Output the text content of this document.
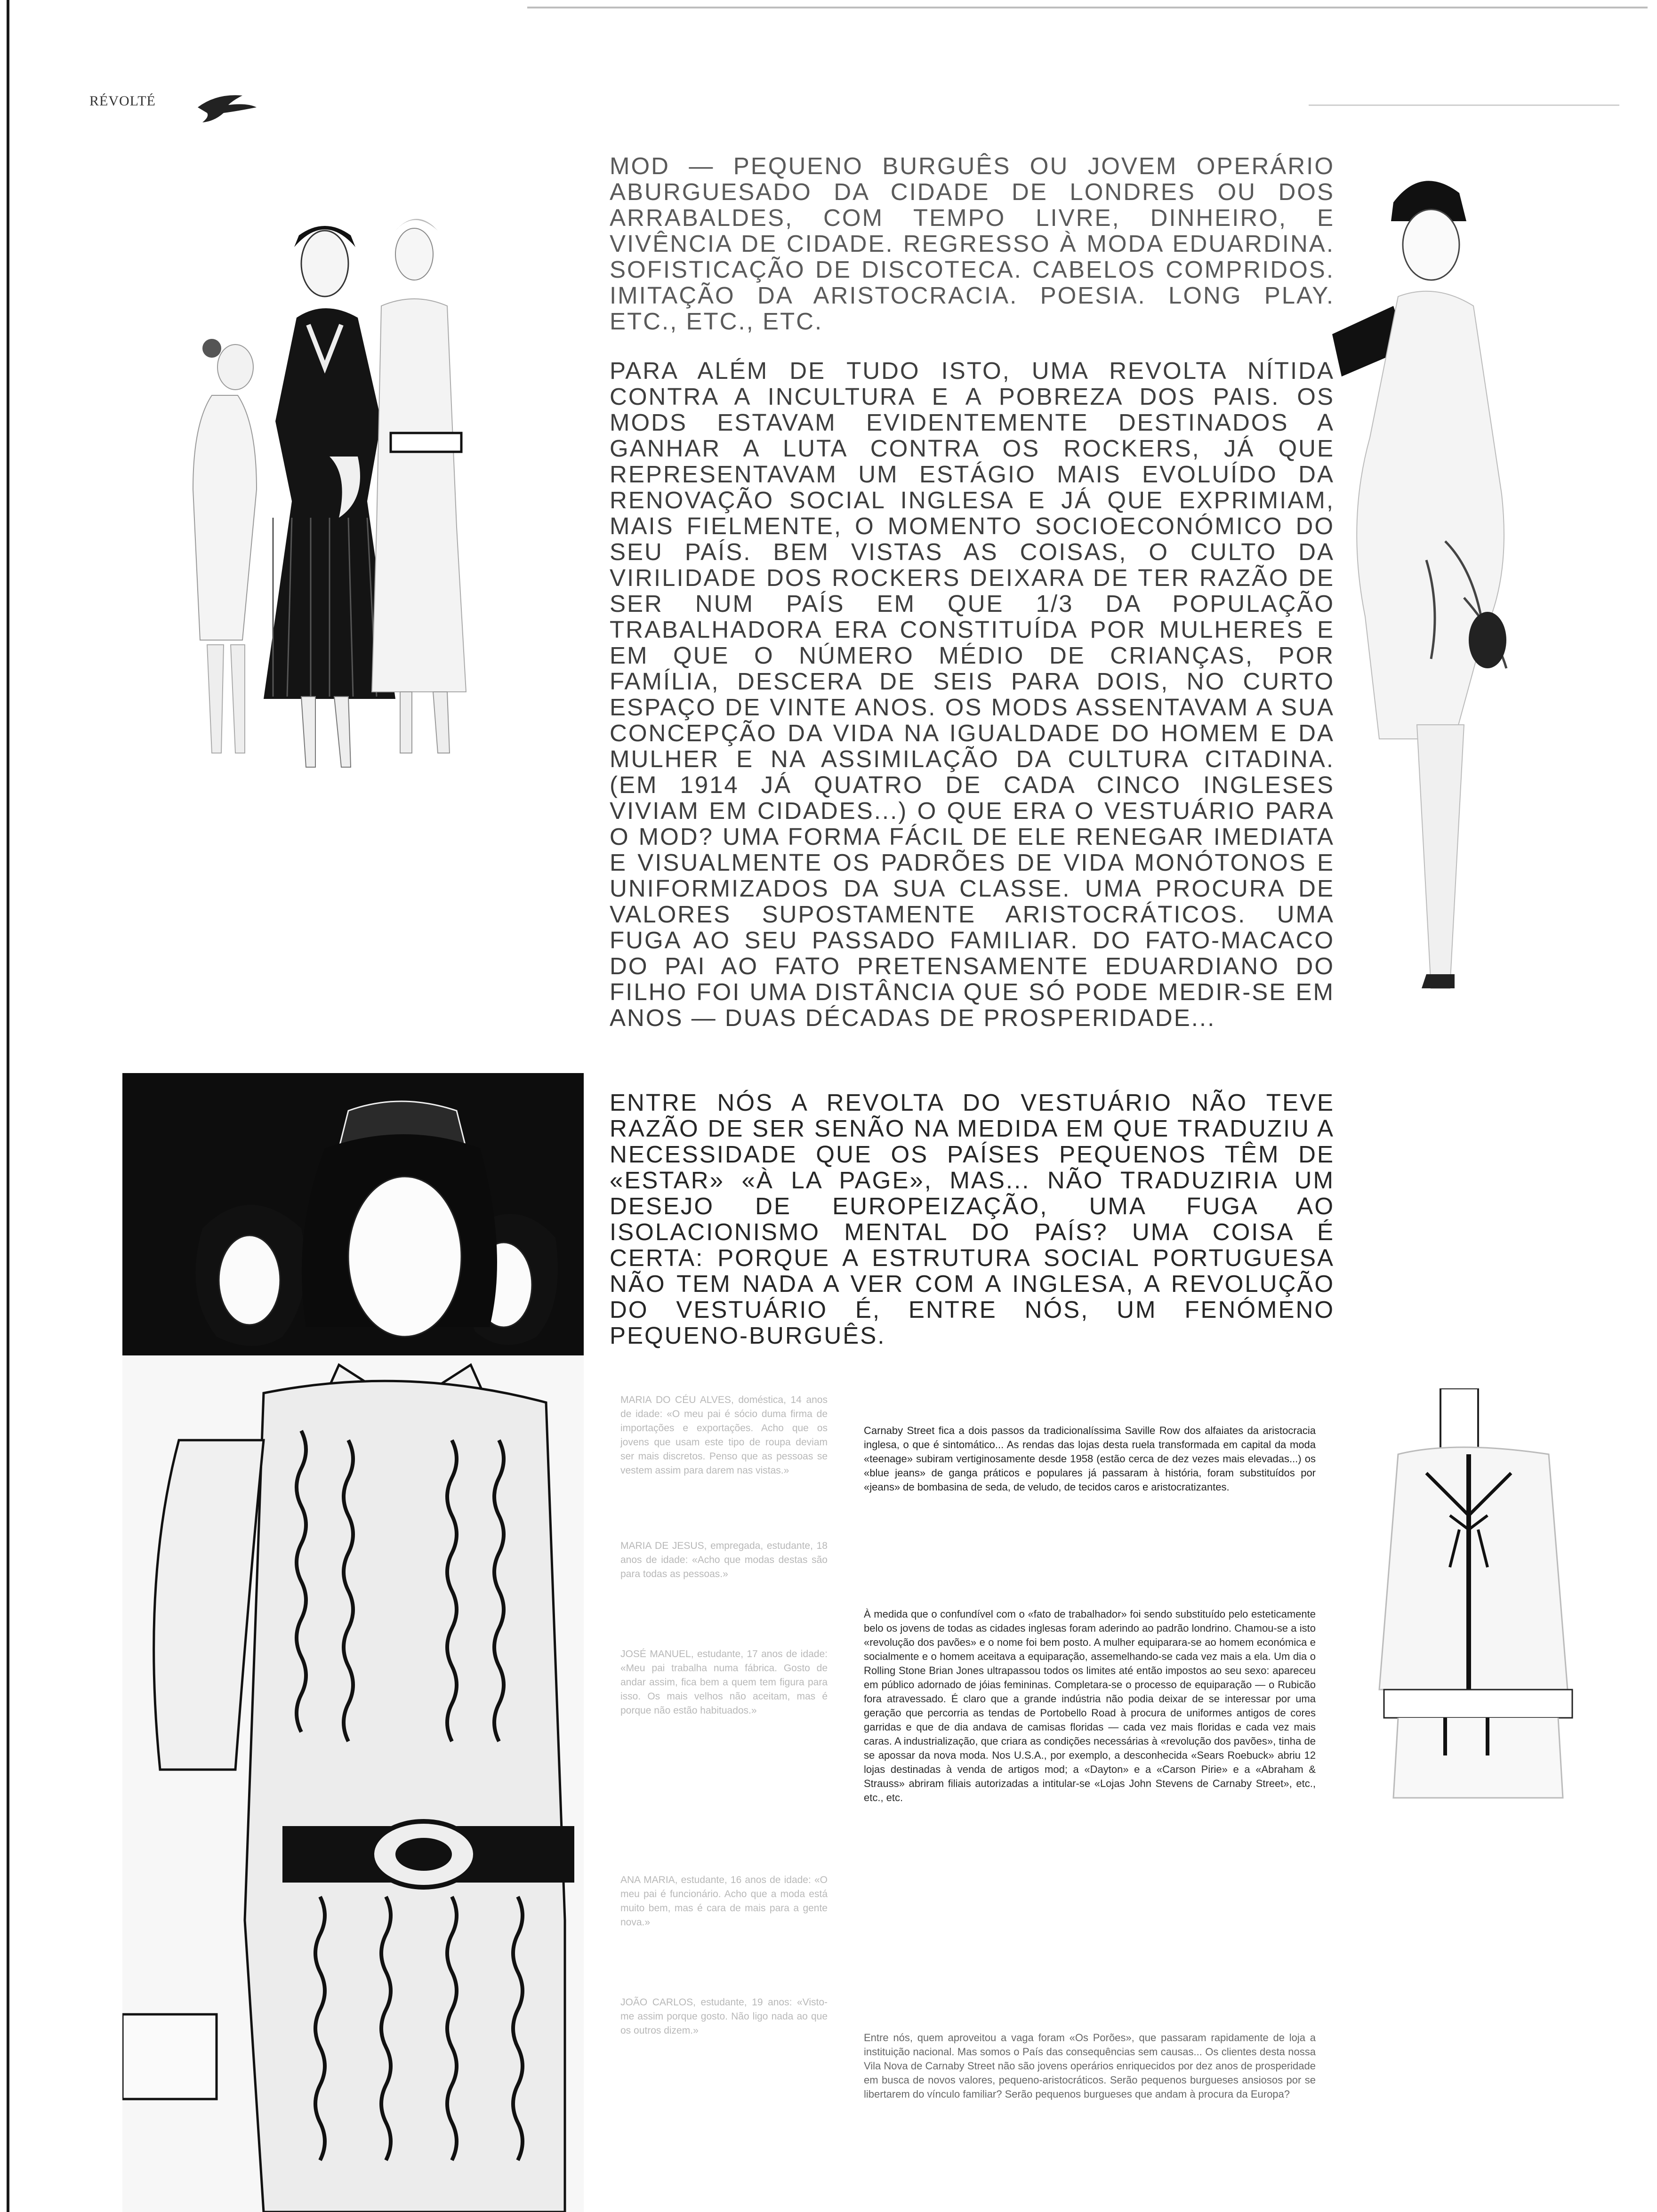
RÉVOLTÉ

MOD — PEQUENO BURGUÊS OU JOVEM OPERÁRIO ABURGUESADO DA CIDADE DE LONDRES OU DOS ARRABALDES, COM TEMPO LIVRE, DINHEIRO, E VIVÊNCIA DE CIDADE. REGRESSO À MODA EDUARDINA. SOFISTICAÇÃO DE DISCOTECA. CABELOS COMPRIDOS. IMITAÇÃO DA ARISTOCRACIA. POESIA. LONG PLAY. ETC., ETC., ETC.

PARA ALÉM DE TUDO ISTO, UMA REVOLTA NÍTIDA CONTRA A INCULTURA E A POBREZA DOS PAIS. OS MODS ESTAVAM EVIDENTEMENTE DESTINADOS A GANHAR A LUTA CONTRA OS ROCKERS, JÁ QUE REPRESENTAVAM UM ESTÁGIO MAIS EVOLUÍDO DA RENOVAÇÃO SOCIAL INGLESA E JÁ QUE EXPRIMIAM, MAIS FIELMENTE, O MOMENTO SOCIOECONÓMICO DO SEU PAÍS. BEM VISTAS AS COISAS, O CULTO DA VIRILIDADE DOS ROCKERS DEIXARA DE TER RAZÃO DE SER NUM PAÍS EM QUE 1/3 DA POPULAÇÃO TRABALHADORA ERA CONSTITUÍDA POR MULHERES E EM QUE O NÚMERO MÉDIO DE CRIANÇAS, POR FAMÍLIA, DESCERA DE SEIS PARA DOIS, NO CURTO ESPAÇO DE VINTE ANOS. OS MODS ASSENTAVAM A SUA CONCEPÇÃO DA VIDA NA IGUALDADE DO HOMEM E DA MULHER E NA ASSIMILAÇÃO DA CULTURA CITADINA. (EM 1914 JÁ QUATRO DE CADA CINCO INGLESES VIVIAM EM CIDADES...) O QUE ERA O VESTUÁRIO PARA O MOD? UMA FORMA FÁCIL DE ELE RENEGAR IMEDIATA E VISUALMENTE OS PADRÕES DE VIDA MONÓTONOS E UNIFORMIZADOS DA SUA CLASSE. UMA PROCURA DE VALORES SUPOSTAMENTE ARISTOCRÁTICOS. UMA FUGA AO SEU PASSADO FAMILIAR. DO FATO-MACACO DO PAI AO FATO PRETENSAMENTE EDUARDIANO DO FILHO FOI UMA DISTÂNCIA QUE SÓ PODE MEDIR-SE EM ANOS — DUAS DÉCADAS DE PROSPERIDADE...

ENTRE NÓS A REVOLTA DO VESTUÁRIO NÃO TEVE RAZÃO DE SER SENÃO NA MEDIDA EM QUE TRADUZIU A NECESSIDADE QUE OS PAÍSES PEQUENOS TÊM DE «ESTAR» «À LA PAGE», MAS... NÃO TRADUZIRIA UM DESEJO DE EUROPEIZAÇÃO, UMA FUGA AO ISOLACIONISMO MENTAL DO PAÍS? UMA COISA É CERTA: PORQUE A ESTRUTURA SOCIAL PORTUGUESA NÃO TEM NADA A VER COM A INGLESA, A REVOLUÇÃO DO VESTUÁRIO É, ENTRE NÓS, UM FENÓMENO PEQUENO-BURGUÊS.

MARIA DO CÉU ALVES, doméstica, 14 anos de idade: «O meu pai é sócio duma firma de importações e exportações. Acho que os jovens que usam este tipo de roupa deviam ser mais discretos. Penso que as pessoas se vestem assim para darem nas vistas.»

MARIA DE JESUS, empregada, estudante, 18 anos de idade: «Acho que modas destas são para todas as pessoas.»

JOSÉ MANUEL, estudante, 17 anos de idade: «Meu pai trabalha numa fábrica. Gosto de andar assim, fica bem a quem tem figura para isso. Os mais velhos não aceitam, mas é porque não estão habituados.»

ANA MARIA, estudante, 16 anos de idade: «O meu pai é funcionário. Acho que a moda está muito bem, mas é cara de mais para a gente nova.»

JOÃO CARLOS, estudante, 19 anos: «Visto-me assim porque gosto. Não ligo nada ao que os outros dizem.»

Carnaby Street fica a dois passos da tradicionalíssima Saville Row dos alfaiates da aristocracia inglesa, o que é sintomático... As rendas das lojas desta ruela transformada em capital da moda «teenage» subiram vertiginosamente desde 1958 (estão cerca de dez vezes mais elevadas...) os «blue jeans» de ganga práticos e populares já passaram à história, foram substituídos por «jeans» de bombasina de seda, de veludo, de tecidos caros e aristocratizantes.

À medida que o confundível com o «fato de trabalhador» foi sendo substituído pelo esteticamente belo os jovens de todas as cidades inglesas foram aderindo ao padrão londrino. Chamou-se a isto «revolução dos pavões» e o nome foi bem posto. A mulher equiparara-se ao homem económica e socialmente e o homem aceitava a equiparação, assemelhando-se cada vez mais a ela. Um dia o Rolling Stone Brian Jones ultrapassou todos os limites até então impostos ao seu sexo: apareceu em público adornado de jóias femininas. Completara-se o processo de equiparação — o Rubicão fora atravessado. É claro que a grande indústria não podia deixar de se interessar por uma geração que percorria as tendas de Portobello Road à procura de uniformes antigos de cores garridas e que de dia andava de camisas floridas — cada vez mais floridas e cada vez mais caras. A industrialização, que criara as condições necessárias à «revolução dos pavões», tinha de se apossar da nova moda. Nos U.S.A., por exemplo, a desconhecida «Sears Roebuck» abriu 12 lojas destinadas à venda de artigos mod; a «Dayton» e a «Carson Pirie» e a «Abraham & Strauss» abriram filiais autorizadas a intitular-se «Lojas John Stevens de Carnaby Street», etc., etc., etc.

Entre nós, quem aproveitou a vaga foram «Os Porões», que passaram rapidamente de loja a instituição nacional. Mas somos o País das consequências sem causas... Os clientes desta nossa Vila Nova de Carnaby Street não são jovens operários enriquecidos por dez anos de prosperidade em busca de novos valores, pequeno-aristocráticos. Serão pequenos burgueses ansiosos por se libertarem do vínculo familiar? Serão pequenos burgueses que andam à procura da Europa?
